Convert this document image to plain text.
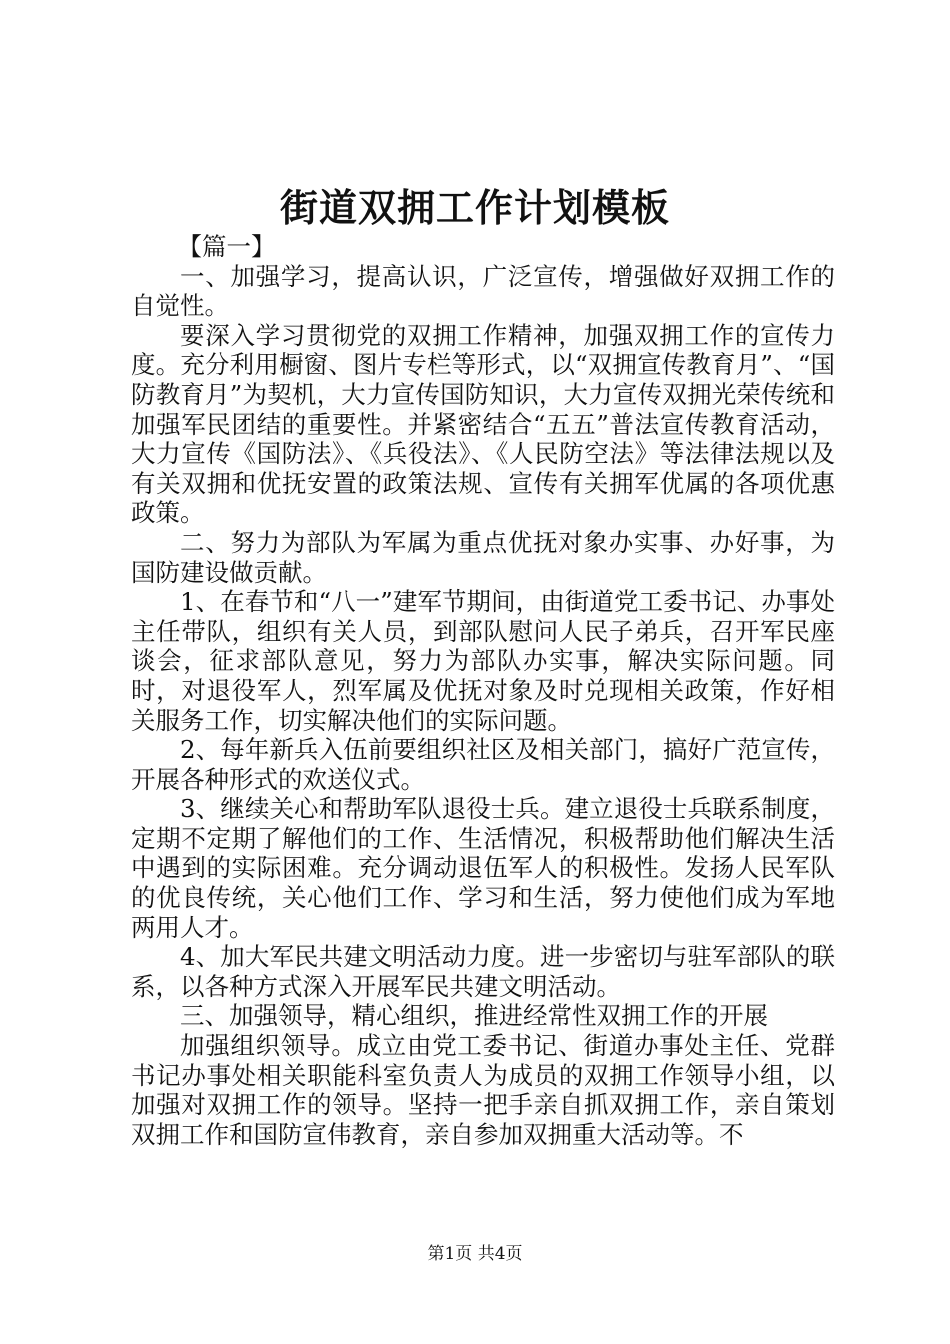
街道双拥工作计划模板

【篇一】

一、加强学习，提高认识，广泛宣传，增强做好双拥工作的自觉性。

要深入学习贯彻党的双拥工作精神，加强双拥工作的宣传力度。充分利用橱窗、图片专栏等形式，以“双拥宣传教育月”、“国防教育月”为契机，大力宣传国防知识，大力宣传双拥光荣传统和加强军民团结的重要性。并紧密结合“五五”普法宣传教育活动，大力宣传《国防法》、《兵役法》、《人民防空法》等法律法规以及有关双拥和优抚安置的政策法规、宣传有关拥军优属的各项优惠政策。

二、努力为部队为军属为重点优抚对象办实事、办好事，为国防建设做贡献。

1、在春节和“八一”建军节期间，由街道党工委书记、办事处主任带队，组织有关人员，到部队慰问人民子弟兵，召开军民座谈会，征求部队意见，努力为部队办实事，解决实际问题。同时，对退役军人，烈军属及优抚对象及时兑现相关政策，作好相关服务工作，切实解决他们的实际问题。

2、每年新兵入伍前要组织社区及相关部门，搞好广范宣传，开展各种形式的欢送仪式。

3、继续关心和帮助军队退役士兵。建立退役士兵联系制度，定期不定期了解他们的工作、生活情况，积极帮助他们解决生活中遇到的实际困难。充分调动退伍军人的积极性。发扬人民军队的优良传统，关心他们工作、学习和生活，努力使他们成为军地两用人才。

4、加大军民共建文明活动力度。进一步密切与驻军部队的联系，以各种方式深入开展军民共建文明活动。

三、加强领导，精心组织，推进经常性双拥工作的开展

加强组织领导。成立由党工委书记、街道办事处主任、党群书记办事处相关职能科室负责人为成员的双拥工作领导小组，以加强对双拥工作的领导。坚持一把手亲自抓双拥工作，亲自策划双拥工作和国防宣伟教育，亲自参加双拥重大活动等。不

第1页 共4页
